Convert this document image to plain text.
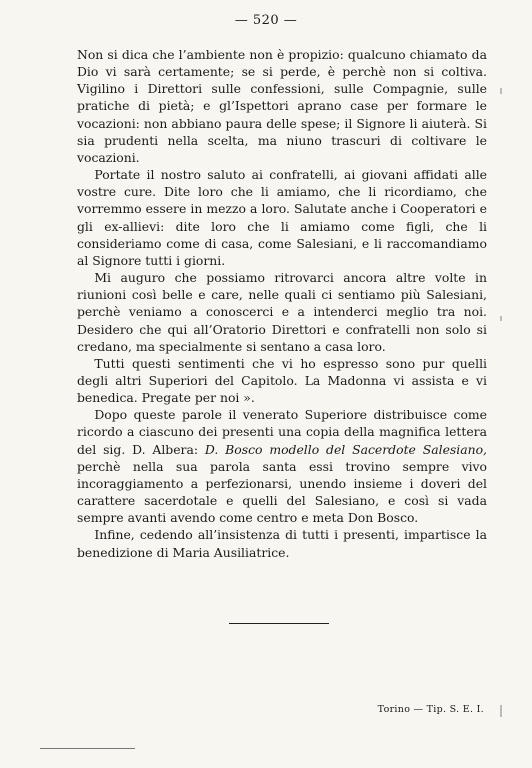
— 520 —

Non si dica che l’ambiente non è propizio: qualcuno chiamato da Dio vi sarà certamente; se si perde, è perchè non si coltiva. Vigilino i Direttori sulle confessioni, sulle Compagnie, sulle pratiche di pietà; e gl’Ispettori aprano case per formare le vocazioni: non abbiano paura delle spese; il Signore li aiuterà. Si sia prudenti nella scelta, ma niuno trascuri di coltivare le vocazioni.

Portate il nostro saluto ai confratelli, ai giovani affidati alle vostre cure. Dite loro che li amiamo, che li ricordiamo, che vorremmo essere in mezzo a loro. Salutate anche i Cooperatori e gli ex-allievi: dite loro che li amiamo come figli, che li consideriamo come di casa, come Salesiani, e li raccomandiamo al Signore tutti i giorni.

Mi auguro che possiamo ritrovarci ancora altre volte in riunioni così belle e care, nelle quali ci sentiamo più Salesiani, perchè veniamo a conoscerci e a intenderci meglio tra noi. Desidero che qui all’Oratorio Direttori e confratelli non solo si credano, ma specialmente si sentano a casa loro.

Tutti questi sentimenti che vi ho espresso sono pur quelli degli altri Superiori del Capitolo. La Madonna vi assista e vi benedica. Pregate per noi ».

Dopo queste parole il venerato Superiore distribuisce come ricordo a ciascuno dei presenti una copia della magnifica lettera del sig. D. Albera: D. Bosco modello del Sacerdote Salesiano, perchè nella sua parola santa essi trovino sempre vivo incoraggiamento a perfezionarsi, unendo insieme i doveri del carattere sacerdotale e quelli del Salesiano, e così si vada sempre avanti avendo come centro e meta Don Bosco.

Infine, cedendo all’insistenza di tutti i presenti, impartisce la benedizione di Maria Ausiliatrice.

Torino — Tip. S. E. I.
